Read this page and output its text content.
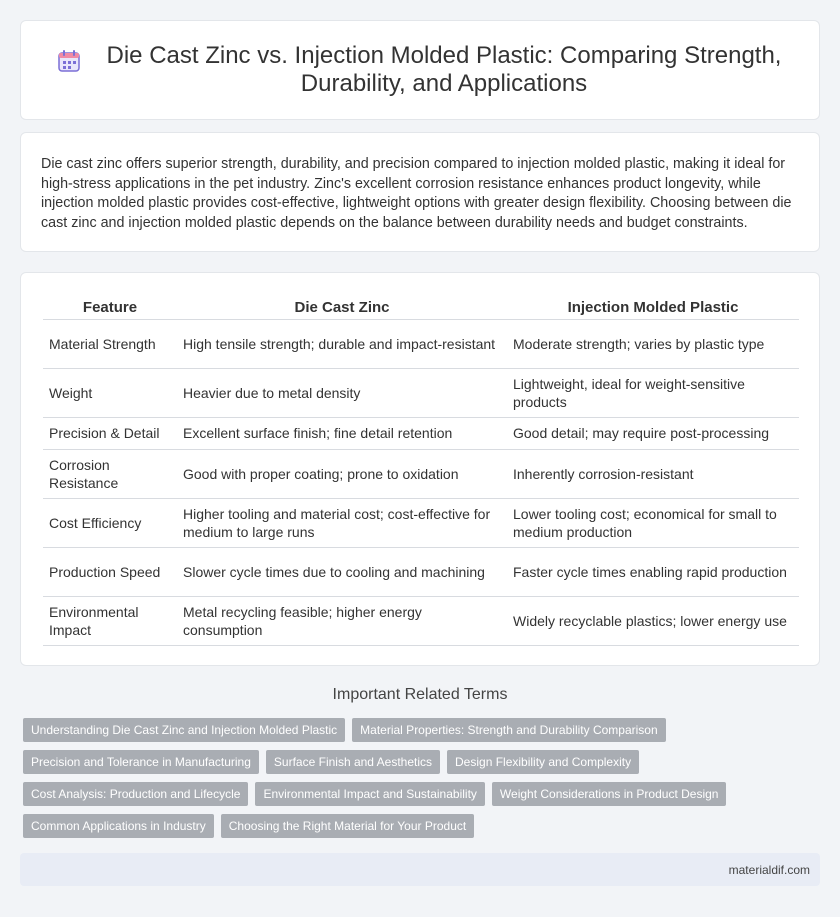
Die Cast Zinc vs. Injection Molded Plastic: Comparing Strength, Durability, and Applications

Die cast zinc offers superior strength, durability, and precision compared to injection molded plastic, making it ideal for high-stress applications in the pet industry. Zinc's excellent corrosion resistance enhances product longevity, while injection molded plastic provides cost-effective, lightweight options with greater design flexibility. Choosing between die cast zinc and injection molded plastic depends on the balance between durability needs and budget constraints.

Feature	Die Cast Zinc	Injection Molded Plastic
Material Strength	High tensile strength; durable and impact-resistant	Moderate strength; varies by plastic type
Weight	Heavier due to metal density	Lightweight, ideal for weight-sensitive products
Precision & Detail	Excellent surface finish; fine detail retention	Good detail; may require post-processing
Corrosion Resistance	Good with proper coating; prone to oxidation	Inherently corrosion-resistant
Cost Efficiency	Higher tooling and material cost; cost-effective for medium to large runs	Lower tooling cost; economical for small to medium production
Production Speed	Slower cycle times due to cooling and machining	Faster cycle times enabling rapid production
Environmental Impact	Metal recycling feasible; higher energy consumption	Widely recyclable plastics; lower energy use
Important Related Terms
Understanding Die Cast Zinc and Injection Molded Plastic	Material Properties: Strength and Durability Comparison
Precision and Tolerance in Manufacturing	Surface Finish and Aesthetics	Design Flexibility and Complexity
Cost Analysis: Production and Lifecycle	Environmental Impact and Sustainability	Weight Considerations in Product Design
Common Applications in Industry	Choosing the Right Material for Your Product
materialdif.com
